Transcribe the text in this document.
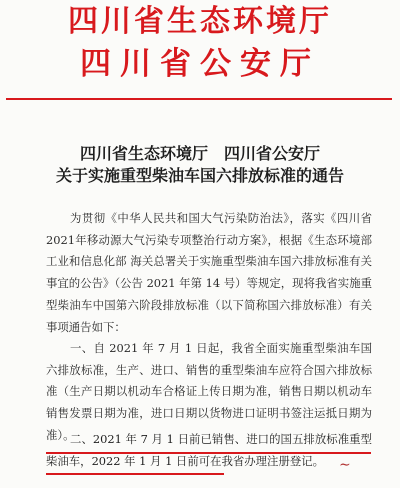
四川省生态环境厅
四川省公安厅
四川省生态环境厅　四川省公安厅
关于实施重型柴油车国六排放标准的通告
为贯彻《中华人民共和国大气污染防治法》，落实《四川省2021年移动源大气污染专项整治行动方案》，根据《生态环境部 工业和信息化部 海关总署关于实施重型柴油车国六排放标准有关事宜的公告》（公告 2021 年第 14 号）等规定，现将我省实施重型柴油车中国第六阶段排放标准（以下简称国六排放标准）有关事项通告如下：
一、自 2021 年 7 月 1 日起，我省全面实施重型柴油车国六排放标准，生产、进口、销售的重型柴油车应符合国六排放标准（生产日期以机动车合格证上传日期为准，销售日期以机动车销售发票日期为准，进口日期以货物进口证明书签注运抵日期为准）。
二、2021 年 7 月 1 日前已销售、进口的国五排放标准重型柴油车，2022 年 1 月 1 日前可在我省办理注册登记。	∼
